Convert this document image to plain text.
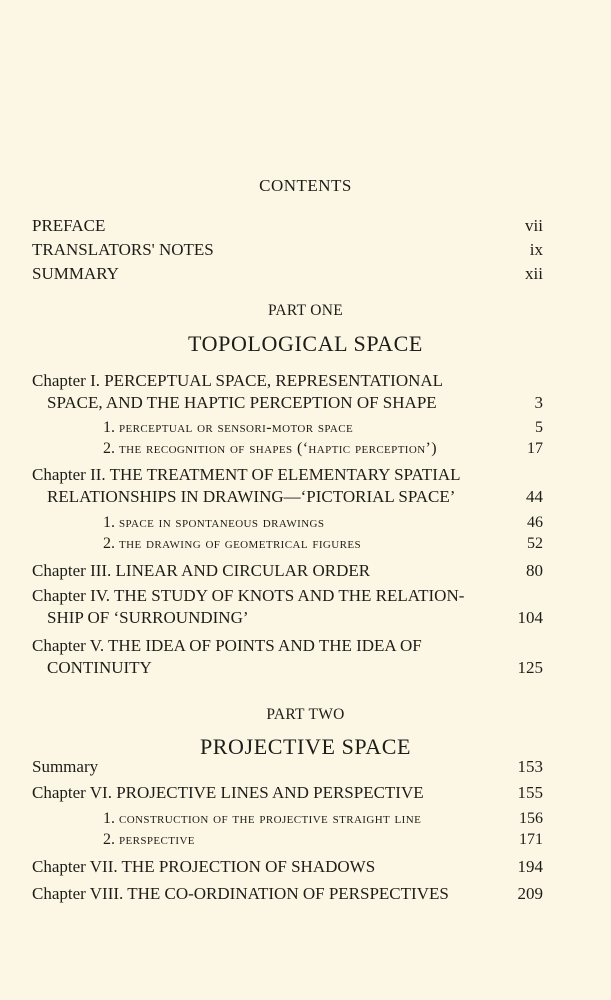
CONTENTS
PREFACE	vii
TRANSLATORS' NOTES	ix
SUMMARY	xii
PART ONE
TOPOLOGICAL SPACE
Chapter I. PERCEPTUAL SPACE, REPRESENTATIONAL
SPACE, AND THE HAPTIC PERCEPTION OF SHAPE	3
1. perceptual or sensori-motor space	5
2. the recognition of shapes (‘haptic perception’)	17
Chapter II. THE TREATMENT OF ELEMENTARY SPATIAL
RELATIONSHIPS IN DRAWING—‘PICTORIAL SPACE’	44
1. space in spontaneous drawings	46
2. the drawing of geometrical figures	52
Chapter III. LINEAR AND CIRCULAR ORDER	80
Chapter IV. THE STUDY OF KNOTS AND THE RELATION-
SHIP OF ‘SURROUNDING’	104
Chapter V. THE IDEA OF POINTS AND THE IDEA OF
CONTINUITY	125
PART TWO
PROJECTIVE SPACE
Summary	153
Chapter VI. PROJECTIVE LINES AND PERSPECTIVE	155
1. construction of the projective straight line	156
2. perspective	171
Chapter VII. THE PROJECTION OF SHADOWS	194
Chapter VIII. THE CO-ORDINATION OF PERSPECTIVES	209
